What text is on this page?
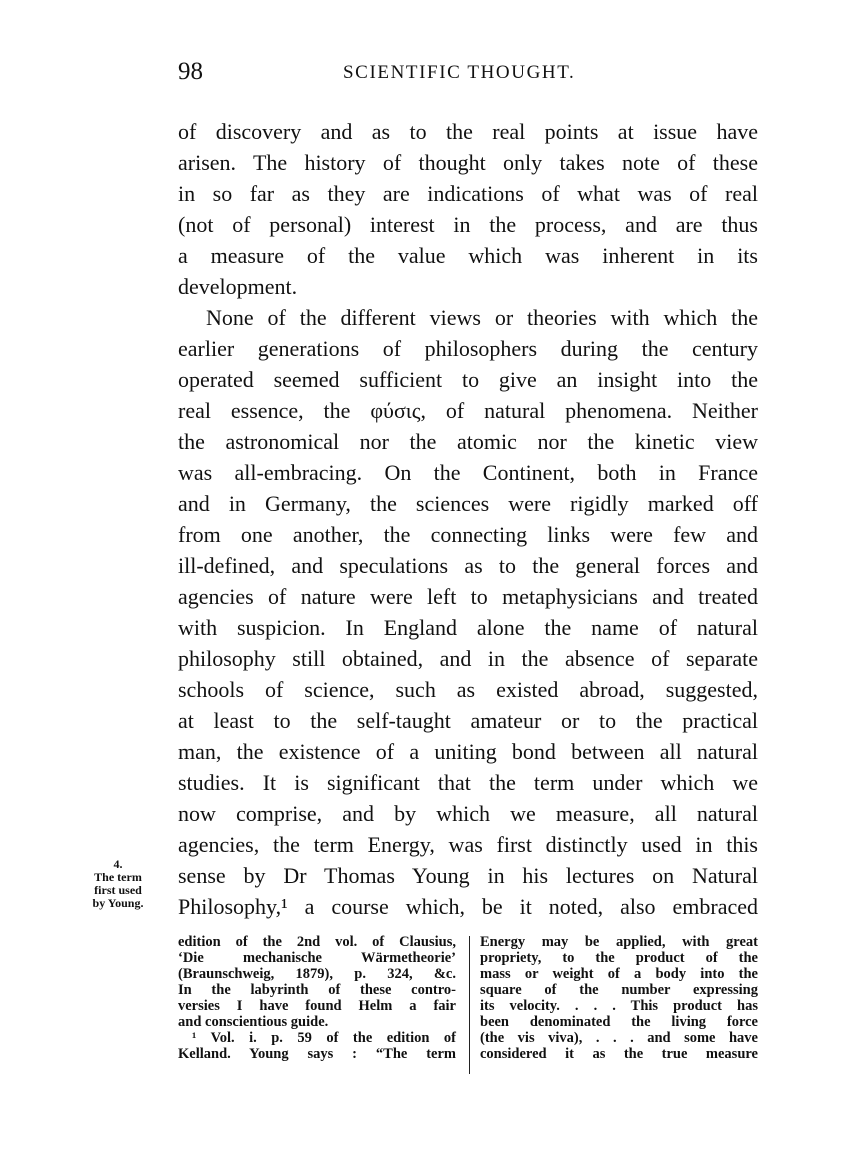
98	SCIENTIFIC THOUGHT.
of discovery and as to the real points at issue have
arisen. The history of thought only takes note of these
in so far as they are indications of what was of real
(not of personal) interest in the process, and are thus
a measure of the value which was inherent in its
development.
None of the different views or theories with which the
earlier generations of philosophers during the century
operated seemed sufficient to give an insight into the
real essence, the φύσις, of natural phenomena. Neither
the astronomical nor the atomic nor the kinetic view
was all-embracing. On the Continent, both in France
and in Germany, the sciences were rigidly marked off
from one another, the connecting links were few and
ill-defined, and speculations as to the general forces and
agencies of nature were left to metaphysicians and treated
with suspicion. In England alone the name of natural
philosophy still obtained, and in the absence of separate
schools of science, such as existed abroad, suggested,
at least to the self-taught amateur or to the practical
man, the existence of a uniting bond between all natural
studies. It is significant that the term under which we
now comprise, and by which we measure, all natural
agencies, the term Energy, was first distinctly used in this
sense by Dr Thomas Young in his lectures on Natural
Philosophy,¹ a course which, be it noted, also embraced
4.
The term
first used
by Young.
edition of the 2nd vol. of Clausius,
‘Die mechanische Wärmetheorie’
(Braunschweig, 1879), p. 324, &c.
In the labyrinth of these contro-
versies I have found Helm a fair
and conscientious guide.
¹ Vol. i. p. 59 of the edition of
Kelland. Young says : “The term
Energy may be applied, with great
propriety, to the product of the
mass or weight of a body into the
square of the number expressing
its velocity. . . . This product has
been denominated the living force
(the vis viva), . . . and some have
considered it as the true measure
